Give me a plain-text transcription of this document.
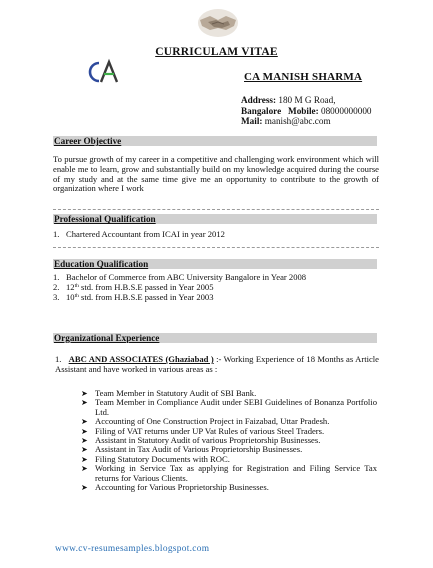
CURRICULAM VITAE
CA MANISH SHARMA
Address: 180 M G Road,
Bangalore Mobile: 08000000000
Mail: manish@abc.com
Career Objective
To pursue growth of my career in a competitive and challenging work environment which will enable me to learn, grow and substantially build on my knowledge acquired during the course of my study and at the same time give me an opportunity to contribute to the growth of organization where I work
Professional Qualification
1. Chartered Accountant from ICAI in year 2012
Education Qualification
1. Bachelor of Commerce from ABC University Bangalore in Year 2008
2. 12th std. from H.B.S.E passed in Year 2005
3. 10th std. from H.B.S.E passed in Year 2003
Organizational Experience
1. ABC AND ASSOCIATES (Ghaziabad ) :- Working Experience of 18 Months as Article Assistant and have worked in various areas as :
➤ Team Member in Statutory Audit of SBI Bank.
➤ Team Member in Compliance Audit under SEBI Guidelines of Bonanza Portfolio Ltd.
➤ Accounting of One Construction Project in Faizabad, Uttar Pradesh.
➤ Filing of VAT returns under UP Vat Rules of various Steel Traders.
➤ Assistant in Statutory Audit of various Proprietorship Businesses.
➤ Assistant in Tax Audit of Various Proprietorship Businesses.
➤ Filing Statutory Documents with ROC.
➤ Working in Service Tax as applying for Registration and Filing Service Tax returns for Various Clients.
➤ Accounting for Various Proprietorship Businesses.
www.cv-resumesamples.blogspot.com
